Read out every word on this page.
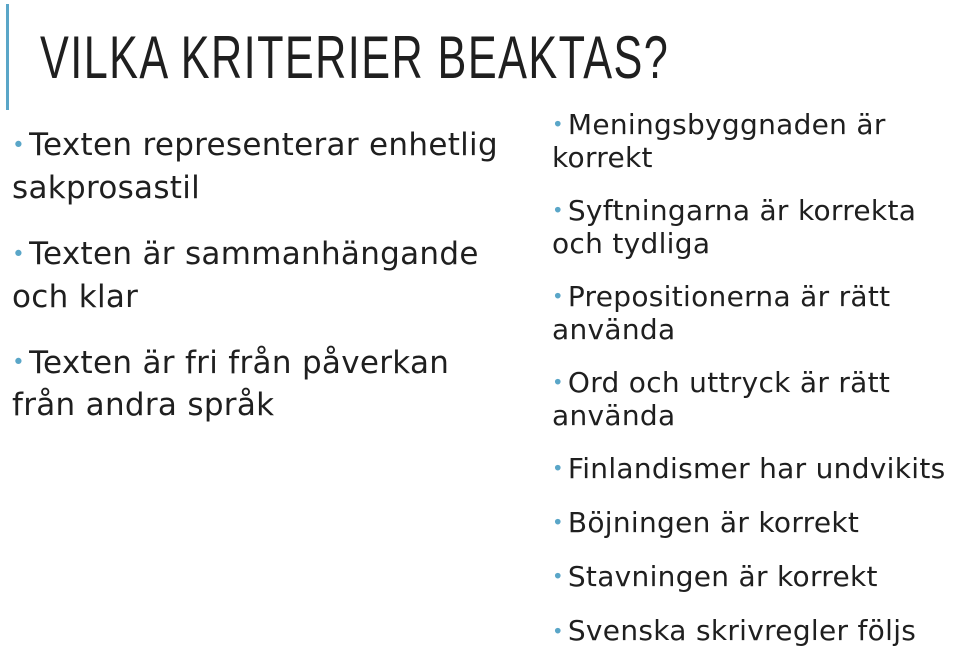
VILKA KRITERIER BEAKTAS?
• Texten representerar enhetlig sakprosastil
• Texten är sammanhängande och klar
• Texten är fri från påverkan från andra språk
• Meningsbyggnaden är korrekt
• Syftningarna är korrekta och tydliga
• Prepositionerna är rätt använda
• Ord och uttryck är rätt använda
• Finlandismer har undvikits
• Böjningen är korrekt
• Stavningen är korrekt
• Svenska skrivregler följs
